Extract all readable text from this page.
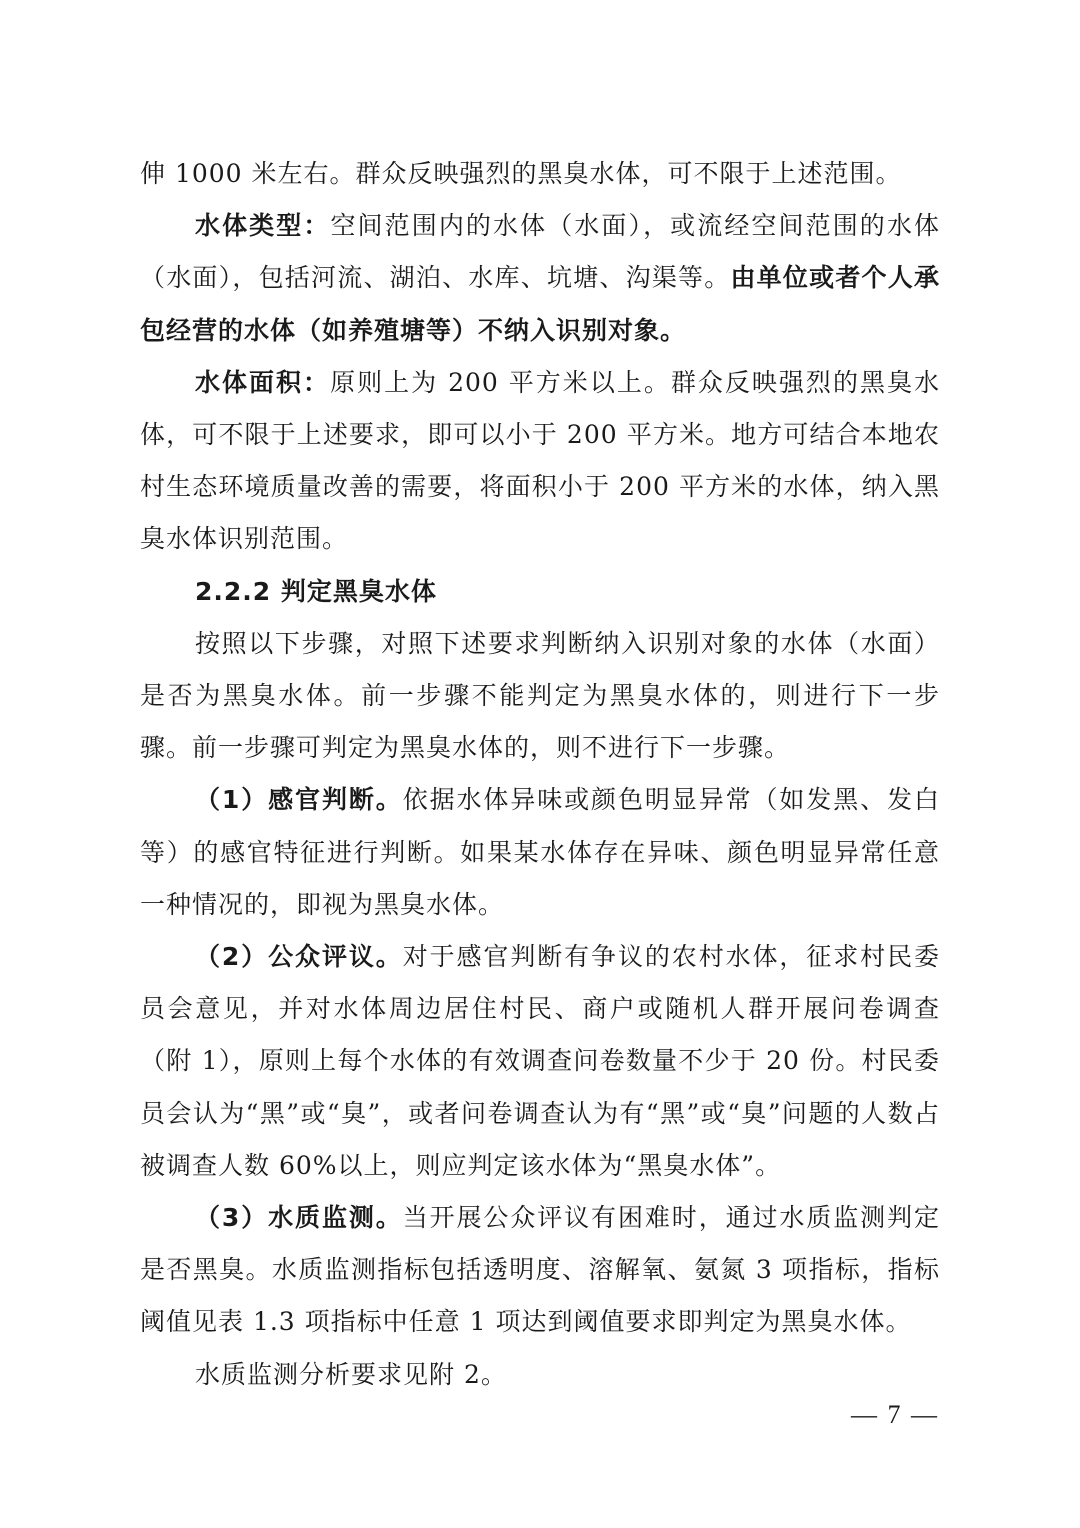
伸 1000 米左右。群众反映强烈的黑臭水体，可不限于上述范围。

水体类型：空间范围内的水体（水面），或流经空间范围的水体（水面），包括河流、湖泊、水库、坑塘、沟渠等。由单位或者个人承包经营的水体（如养殖塘等）不纳入识别对象。

水体面积：原则上为 200 平方米以上。群众反映强烈的黑臭水体，可不限于上述要求，即可以小于 200 平方米。地方可结合本地农村生态环境质量改善的需要，将面积小于 200 平方米的水体，纳入黑臭水体识别范围。

2.2.2 判定黑臭水体

按照以下步骤，对照下述要求判断纳入识别对象的水体（水面）是否为黑臭水体。前一步骤不能判定为黑臭水体的，则进行下一步骤。前一步骤可判定为黑臭水体的，则不进行下一步骤。

（1）感官判断。依据水体异味或颜色明显异常（如发黑、发白等）的感官特征进行判断。如果某水体存在异味、颜色明显异常任意一种情况的，即视为黑臭水体。

（2）公众评议。对于感官判断有争议的农村水体，征求村民委员会意见，并对水体周边居住村民、商户或随机人群开展问卷调查（附 1），原则上每个水体的有效调查问卷数量不少于 20 份。村民委员会认为“黑”或“臭”，或者问卷调查认为有“黑”或“臭”问题的人数占被调查人数 60%以上，则应判定该水体为“黑臭水体”。

（3）水质监测。当开展公众评议有困难时，通过水质监测判定是否黑臭。水质监测指标包括透明度、溶解氧、氨氮 3 项指标，指标阈值见表 1.3 项指标中任意 1 项达到阈值要求即判定为黑臭水体。

水质监测分析要求见附 2。

— 7 —
